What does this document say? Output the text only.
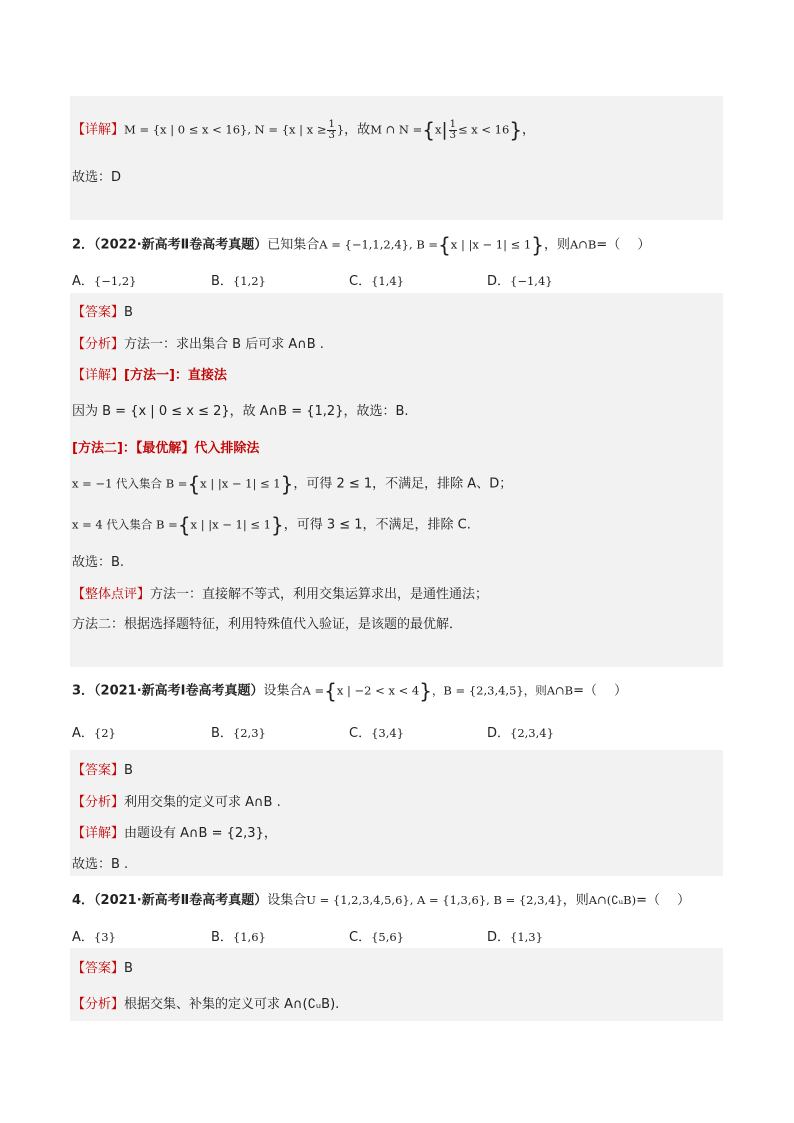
【详解】M = {x | 0 ≤ x < 16}, N = {x | $x \ge \frac{1}{3}$ }，故M ∩ $N =\{x| \frac{1}{3} \le x < 16\}$，
故选：D
2．（2022·新高考Ⅱ卷高考真题）已知集合A = {−1,1,2,4}, B ={x | |x − 1| ≤ 1}，则A∩B=（　 ）
A．{−1,2}	B．{1,2}	C．{1,4}	D．{−1,4}
【答案】B
【分析】方法一：求出集合 B 后可求 A∩B .
【详解】[方法一]：直接法
因为 B = {x | 0 ≤ x ≤ 2}，故 A∩B = {1,2}，故选：B.
[方法二]：【最优解】代入排除法
x = −1 代入集合 B ={x | |x − 1| ≤ 1}，可得 2 ≤ 1，不满足，排除 A、D；
x = 4 代入集合 B ={x | |x − 1| ≤ 1}，可得 3 ≤ 1，不满足，排除 C.
故选：B.
【整体点评】方法一：直接解不等式，利用交集运算求出，是通性通法；
方法二：根据选择题特征，利用特殊值代入验证，是该题的最优解．
3．（2021·新高考Ⅰ卷高考真题）设集合A ={x | −2 < x < 4}，B = {2,3,4,5}，则A∩B=（　 ）
A．{2}	B．{2,3}	C．{3,4}	D．{2,3,4}
【答案】B
【分析】利用交集的定义可求 A∩B .
【详解】由题设有 A∩B = {2,3}，
故选：B .
4．（2021·新高考Ⅱ卷高考真题）设集合U = {1,2,3,4,5,6}, A = {1,3,6}, B = {2,3,4}，则A∩(∁ᵤB)=（　 ）
A．{3}	B．{1,6}	C．{5,6}	D．{1,3}
【答案】B
【分析】根据交集、补集的定义可求 A∩(∁ᵤB).
